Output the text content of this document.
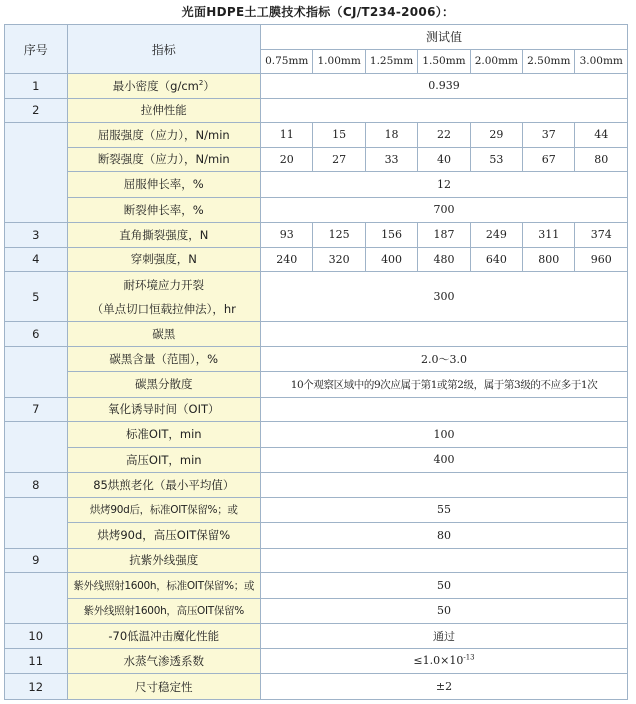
光面HDPE土工膜技术指标（CJ/T234-2006）：
序号	指标	测试值						
		0.75mm	1.00mm	1.25mm	1.50mm	2.00mm	2.50mm	3.00mm
1	最小密度$(g/cm^2)$	0.939						
2	拉伸性能							
	屈服强度（应力），N/min	11	15	18	22	29	37	44
	断裂强度（应力），N/min	20	27	33	40	53	67	80
	屈服伸长率，%	12						
	断裂伸长率，%	700						
3	直角撕裂强度，N	93	125	156	187	249	311	374
4	穿刺强度，N	240	320	400	480	640	800	960
5	耐环境应力开裂
（单点切口恒载拉伸法），hr	300						
6	碳黑							
	碳黑含量（范围），%	2.0～3.0						
	碳黑分散度	10个观察区域中的9次应属于第1或第2级，属于第3级的不应多于1次						
7	氧化诱导时间（OIT）							
	标准OIT，min	100						
	高压OIT，min	400						
8	85烘煎老化（最小平均值）							
	烘烤90d后，标准OIT保留%；或	55						
	烘烤90d，高压OIT保留%	80						
9	抗紫外线强度							
	紫外线照射1600h，标准OIT保留%；或	50						
	紫外线照射1600h，高压OIT保留%	50						
10	-70低温冲击魔化性能	通过						
11	水蒸气渗透系数	$\le 1.0\times 10^{-13}$
12	尺寸稳定性	±2						
